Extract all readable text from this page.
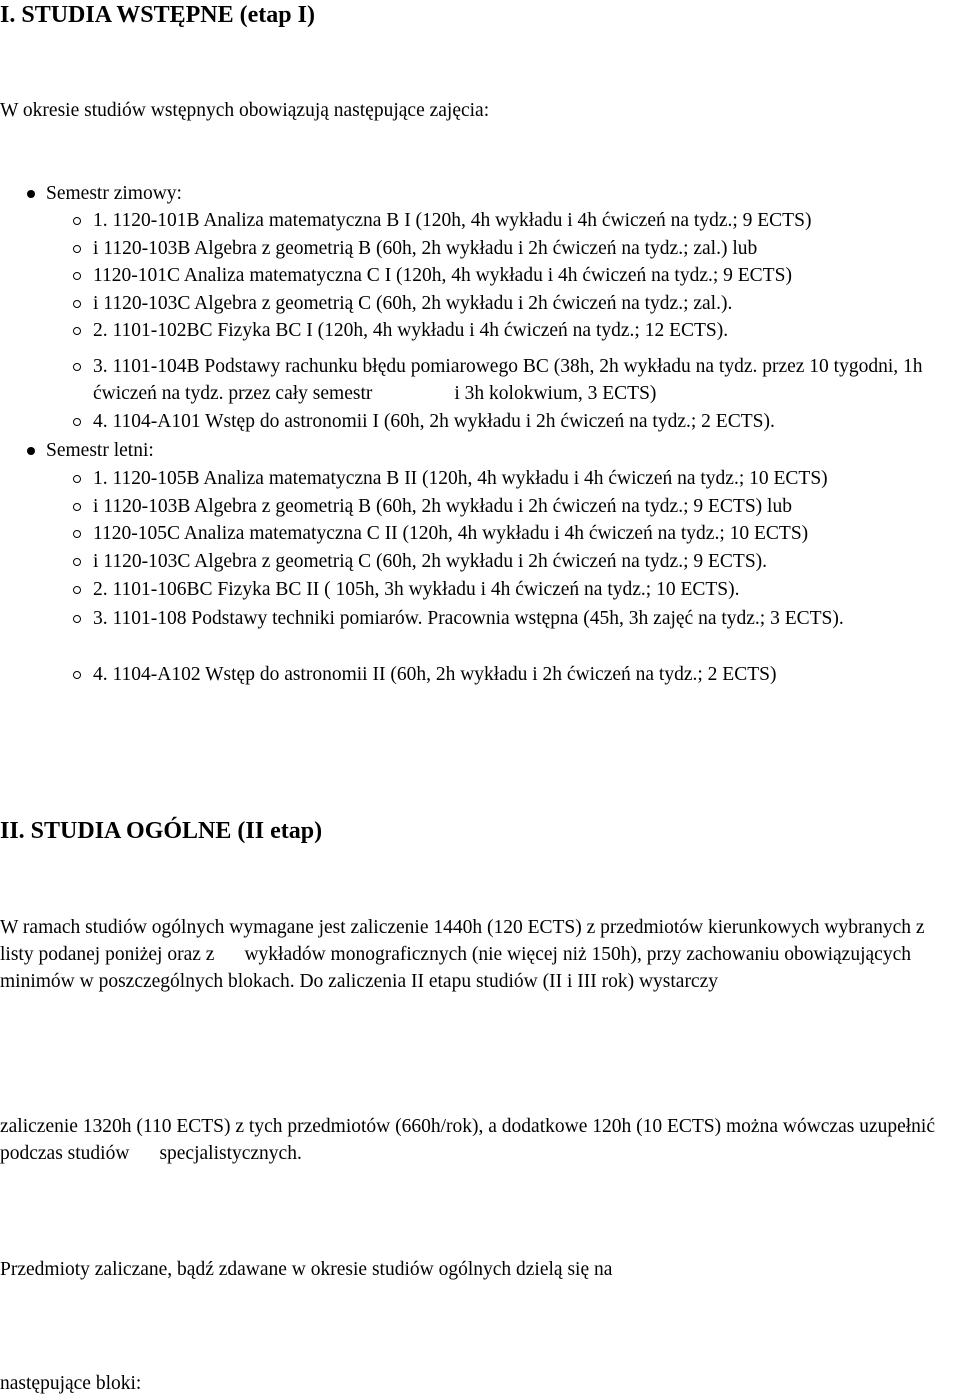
I. STUDIA WSTĘPNE (etap I)

W okresie studiów wstępnych obowiązują następujące zajęcia:

Semestr zimowy:
1. 1120-101B Analiza matematyczna B I (120h, 4h wykładu i 4h ćwiczeń na tydz.; 9 ECTS)
i 1120-103B Algebra z geometrią B (60h, 2h wykładu i 2h ćwiczeń na tydz.; zal.) lub
1120-101C Analiza matematyczna C I (120h, 4h wykładu i 4h ćwiczeń na tydz.; 9 ECTS)
i 1120-103C Algebra z geometrią C (60h, 2h wykładu i 2h ćwiczeń na tydz.; zal.).
2. 1101-102BC Fizyka BC I (120h, 4h wykładu i 4h ćwiczeń na tydz.; 12 ECTS).
3. 1101-104B Podstawy rachunku błędu pomiarowego BC (38h, 2h wykładu na tydz. przez 10 tygodni, 1h ćwiczeń na tydz. przez cały semestr	i 3h kolokwium, 3 ECTS)
4. 1104-A101 Wstęp do astronomii I (60h, 2h wykładu i 2h ćwiczeń na tydz.; 2 ECTS).
Semestr letni:
1. 1120-105B Analiza matematyczna B II (120h, 4h wykładu i 4h ćwiczeń na tydz.; 10 ECTS)
i 1120-103B Algebra z geometrią B (60h, 2h wykładu i 2h ćwiczeń na tydz.; 9 ECTS) lub
1120-105C Analiza matematyczna C II (120h, 4h wykładu i 4h ćwiczeń na tydz.; 10 ECTS)
i 1120-103C Algebra z geometrią C (60h, 2h wykładu i 2h ćwiczeń na tydz.; 9 ECTS).
2. 1101-106BC Fizyka BC II ( 105h, 3h wykładu i 4h ćwiczeń na tydz.; 10 ECTS).
3. 1101-108 Podstawy techniki pomiarów. Pracownia wstępna (45h, 3h zajęć na tydz.; 3 ECTS).
4. 1104-A102 Wstęp do astronomii II (60h, 2h wykładu i 2h ćwiczeń na tydz.; 2 ECTS)
II. STUDIA OGÓLNE (II etap)

W ramach studiów ogólnych wymagane jest zaliczenie 1440h (120 ECTS) z przedmiotów kierunkowych wybranych z listy podanej poniżej oraz z wykładów monograficznych (nie więcej niż 150h), przy zachowaniu obowiązujących minimów w poszczególnych blokach. Do zaliczenia II etapu studiów (II i III rok) wystarczy

zaliczenie 1320h (110 ECTS) z tych przedmiotów (660h/rok), a dodatkowe 120h (10 ECTS) można wówczas uzupełnić podczas studiów specjalistycznych.

Przedmioty zaliczane, bądź zdawane w okresie studiów ogólnych dzielą się na

następujące bloki:
